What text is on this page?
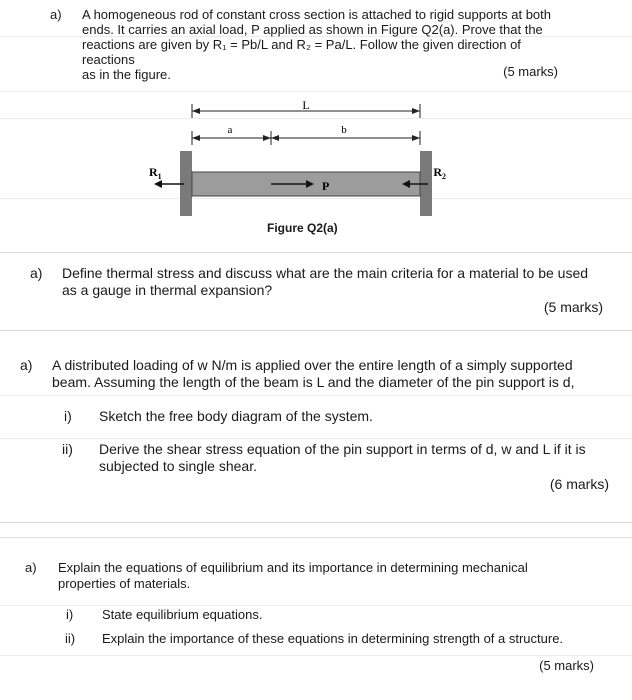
a) A homogeneous rod of constant cross section is attached to rigid supports at both
ends. It carries an axial load, P applied as shown in Figure Q2(a). Prove that the
reactions are given by R₁ = Pb/L and R₂ = Pa/L. Follow the given direction of reactions
as in the figure.	(5 marks)
L
a	b
$R_1$	$R_2$
P
Figure Q2(a)
a) Define thermal stress and discuss what are the main criteria for a material to be used
as a gauge in thermal expansion?
(5 marks)
a) A distributed loading of w N/m is applied over the entire length of a simply supported
beam. Assuming the length of the beam is L and the diameter of the pin support is d,
i) Sketch the free body diagram of the system.
ii) Derive the shear stress equation of the pin support in terms of d, w and L if it is
subjected to single shear.
(6 marks)
a) Explain the equations of equilibrium and its importance in determining mechanical
properties of materials.
i) State equilibrium equations.
ii) Explain the importance of these equations in determining strength of a structure.
(5 marks)
